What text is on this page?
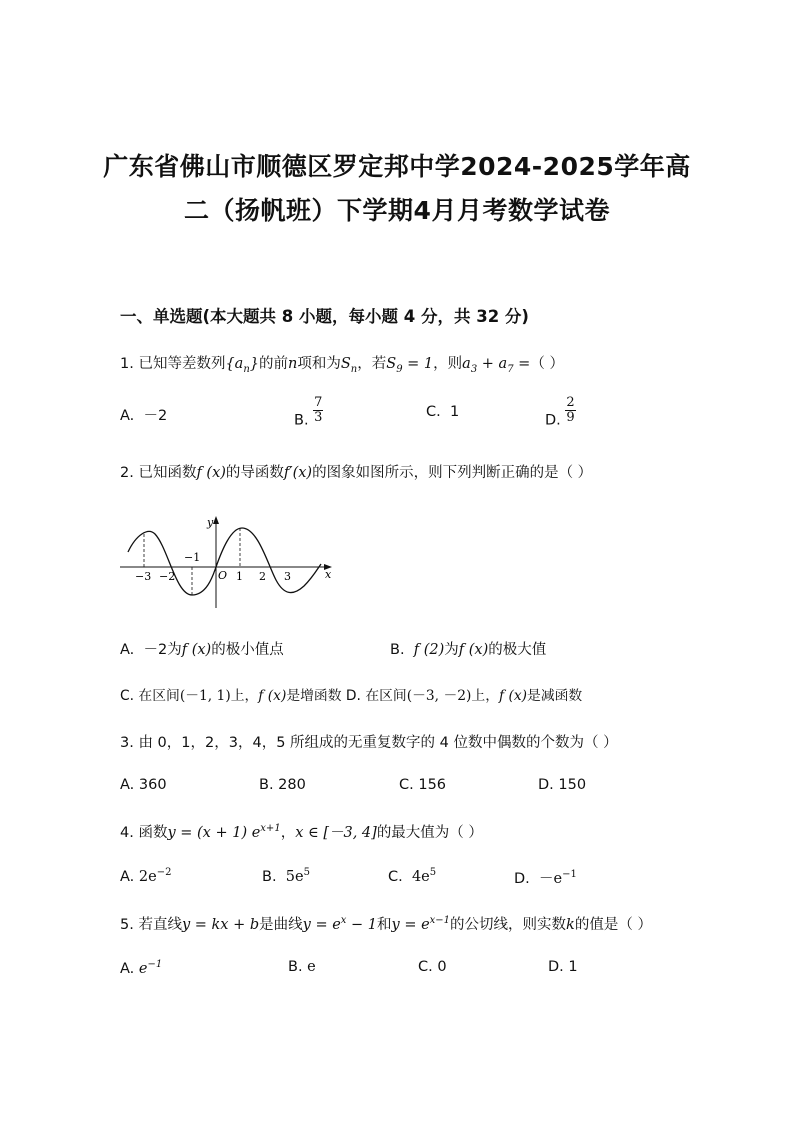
广东省佛山市顺德区罗定邦中学2024-2025学年高
二（扬帆班）下学期4月月考数学试卷
一、单选题(本大题共 8 小题，每小题 4 分，共 32 分)
1. 已知等差数列$\{a_n\}$的前n项和为$S_n$，若$S_9 = 1$，则$a_3 + a_7$ =（ ）
A. －2	B. $\frac{7}{3}$	C. 1
D. $\frac{2}{9}$
2. 已知函数f (x)的导函数f′(x)的图象如图所示，则下列判断正确的是（ ）
y
x
O
−3 −2
−1
1 2 3
A. －2为f (x)的极小值点	B. f (2)为f (x)的极大值
C. 在区间(－1, 1)上，f (x)是增函数 D. 在区间(－3, －2)上，f (x)是减函数
3. 由 0，1，2，3，4，5 所组成的无重复数字的 4 位数中偶数的个数为（ ）
A. 360	B. 280	C. 156	D. 150
4. 函数y = (x + 1) $e^{x+1}$，x ∈ [－3, 4]的最大值为（ ）
A. $2e^{-2}$	B. $5e^5$	C. $4e^5$	D. $-e^{-1}$
5. 若直线y = kx + b是曲线$y = e^x - 1$和$y = e^{x-1}$的公切线，则实数k的值是（ ）
A. $e^{-1}$	B. e	C. 0	D. 1
